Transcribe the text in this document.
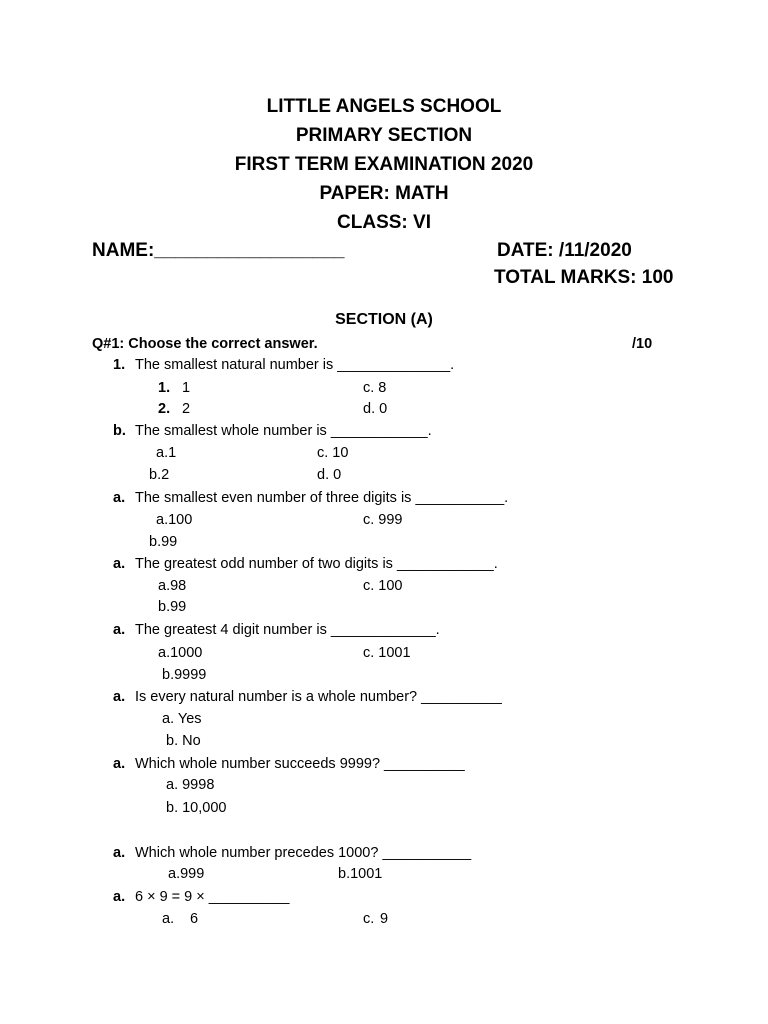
LITTLE ANGELS SCHOOL
PRIMARY SECTION
FIRST TERM EXAMINATION 2020
PAPER: MATH
CLASS: VI
NAME:__________________	DATE: /11/2020
TOTAL MARKS: 100
SECTION (A)
Q#1: Choose the correct answer.	/10
1. The smallest natural number is ______________.
1. 1	c. 8
2. 2	d. 0
b. The smallest whole number is ____________.
a.1	c. 10
b.2	d. 0
a. The smallest even number of three digits is ___________.
a.100	c. 999
b.99
a. The greatest odd number of two digits is ____________.
a.98	c. 100
b.99
a. The greatest 4 digit number is _____________.
a.1000	c. 1001
b.9999
a. Is every natural number is a whole number? __________
a. Yes
b. No
a. Which whole number succeeds 9999? __________
a. 9998
b. 10,000
a. Which whole number precedes 1000? ___________
a.999	b.1001
a. 6 × 9 = 9 × __________
a. 6	c. 9
